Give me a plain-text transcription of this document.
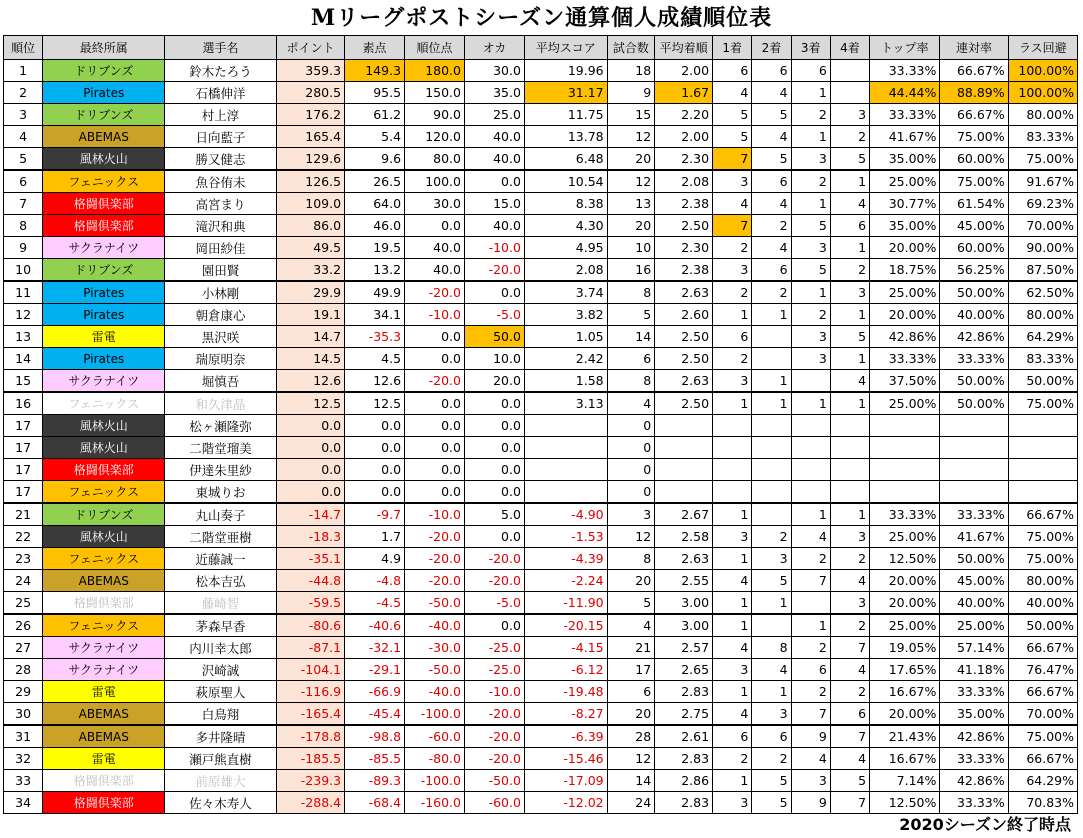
Mリーグポストシーズン通算個人成績順位表
順位	最終所属	選手名	ポイント	素点	順位点	オカ	平均スコア	試合数	平均着順	1着	2着	3着	4着	トップ率	連対率	ラス回避
1	ドリブンズ	鈴木たろう	359.3	149.3	180.0	30.0	19.96	18	2.00	6	6	6		33.33%	66.67%	100.00%
2	Pirates	石橋伸洋	280.5	95.5	150.0	35.0	31.17	9	1.67	4	4	1		44.44%	88.89%	100.00%
3	ドリブンズ	村上淳	176.2	61.2	90.0	25.0	11.75	15	2.20	5	5	2	3	33.33%	66.67%	80.00%
4	ABEMAS	日向藍子	165.4	5.4	120.0	40.0	13.78	12	2.00	5	4	1	2	41.67%	75.00%	83.33%
5	風林火山	勝又健志	129.6	9.6	80.0	40.0	6.48	20	2.30	7	5	3	5	35.00%	60.00%	75.00%
6	フェニックス	魚谷侑未	126.5	26.5	100.0	0.0	10.54	12	2.08	3	6	2	1	25.00%	75.00%	91.67%
7	格闘倶楽部	高宮まり	109.0	64.0	30.0	15.0	8.38	13	2.38	4	4	1	4	30.77%	61.54%	69.23%
8	格闘倶楽部	滝沢和典	86.0	46.0	0.0	40.0	4.30	20	2.50	7	2	5	6	35.00%	45.00%	70.00%
9	サクラナイツ	岡田紗佳	49.5	19.5	40.0	-10.0	4.95	10	2.30	2	4	3	1	20.00%	60.00%	90.00%
10	ドリブンズ	園田賢	33.2	13.2	40.0	-20.0	2.08	16	2.38	3	6	5	2	18.75%	56.25%	87.50%
11	Pirates	小林剛	29.9	49.9	-20.0	0.0	3.74	8	2.63	2	2	1	3	25.00%	50.00%	62.50%
12	Pirates	朝倉康心	19.1	34.1	-10.0	-5.0	3.82	5	2.60	1	1	2	1	20.00%	40.00%	80.00%
13	雷電	黒沢咲	14.7	-35.3	0.0	50.0	1.05	14	2.50	6		3	5	42.86%	42.86%	64.29%
14	Pirates	瑞原明奈	14.5	4.5	0.0	10.0	2.42	6	2.50	2		3	1	33.33%	33.33%	83.33%
15	サクラナイツ	堀慎吾	12.6	12.6	-20.0	20.0	1.58	8	2.63	3	1		4	37.50%	50.00%	50.00%
16	フェニックス	和久津晶	12.5	12.5	0.0	0.0	3.13	4	2.50	1	1	1	1	25.00%	50.00%	75.00%
17	風林火山	松ヶ瀬隆弥	0.0	0.0	0.0	0.0		0								
17	風林火山	二階堂瑠美	0.0	0.0	0.0	0.0		0								
17	格闘倶楽部	伊達朱里紗	0.0	0.0	0.0	0.0		0								
17	フェニックス	東城りお	0.0	0.0	0.0	0.0		0								
21	ドリブンズ	丸山奏子	-14.7	-9.7	-10.0	5.0	-4.90	3	2.67	1		1	1	33.33%	33.33%	66.67%
22	風林火山	二階堂亜樹	-18.3	1.7	-20.0	0.0	-1.53	12	2.58	3	2	4	3	25.00%	41.67%	75.00%
23	フェニックス	近藤誠一	-35.1	4.9	-20.0	-20.0	-4.39	8	2.63	1	3	2	2	12.50%	50.00%	75.00%
24	ABEMAS	松本吉弘	-44.8	-4.8	-20.0	-20.0	-2.24	20	2.55	4	5	7	4	20.00%	45.00%	80.00%
25	格闘倶楽部	藤崎智	-59.5	-4.5	-50.0	-5.0	-11.90	5	3.00	1	1		3	20.00%	40.00%	40.00%
26	フェニックス	茅森早香	-80.6	-40.6	-40.0	0.0	-20.15	4	3.00	1		1	2	25.00%	25.00%	50.00%
27	サクラナイツ	内川幸太郎	-87.1	-32.1	-30.0	-25.0	-4.15	21	2.57	4	8	2	7	19.05%	57.14%	66.67%
28	サクラナイツ	沢崎誠	-104.1	-29.1	-50.0	-25.0	-6.12	17	2.65	3	4	6	4	17.65%	41.18%	76.47%
29	雷電	萩原聖人	-116.9	-66.9	-40.0	-10.0	-19.48	6	2.83	1	1	2	2	16.67%	33.33%	66.67%
30	ABEMAS	白鳥翔	-165.4	-45.4	-100.0	-20.0	-8.27	20	2.75	4	3	7	6	20.00%	35.00%	70.00%
31	ABEMAS	多井隆晴	-178.8	-98.8	-60.0	-20.0	-6.39	28	2.61	6	6	9	7	21.43%	42.86%	75.00%
32	雷電	瀬戸熊直樹	-185.5	-85.5	-80.0	-20.0	-15.46	12	2.83	2	2	4	4	16.67%	33.33%	66.67%
33	格闘倶楽部	前原雄大	-239.3	-89.3	-100.0	-50.0	-17.09	14	2.86	1	5	3	5	7.14%	42.86%	64.29%
34	格闘倶楽部	佐々木寿人	-288.4	-68.4	-160.0	-60.0	-12.02	24	2.83	3	5	9	7	12.50%	33.33%	70.83%
2020シーズン終了時点
